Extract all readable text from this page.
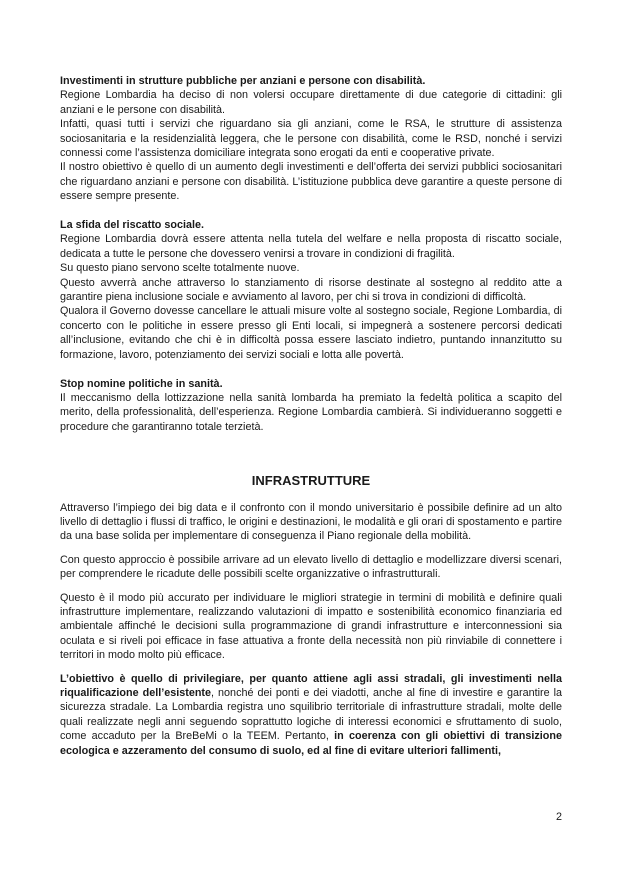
Investimenti in strutture pubbliche per anziani e persone con disabilità.

Regione Lombardia ha deciso di non volersi occupare direttamente di due categorie di cittadini: gli anziani e le persone con disabilità.

Infatti, quasi tutti i servizi che riguardano sia gli anziani, come le RSA, le strutture di assistenza sociosanitaria e la residenzialità leggera, che le persone con disabilità, come le RSD, nonché i servizi connessi come l’assistenza domiciliare integrata sono erogati da enti e cooperative private.

Il nostro obiettivo è quello di un aumento degli investimenti e dell’offerta dei servizi pubblici sociosanitari che riguardano anziani e persone con disabilità. L’istituzione pubblica deve garantire a queste persone di essere sempre presente.

La sfida del riscatto sociale.

Regione Lombardia dovrà essere attenta nella tutela del welfare e nella proposta di riscatto sociale, dedicata a tutte le persone che dovessero venirsi a trovare in condizioni di fragilità.

Su questo piano servono scelte totalmente nuove.

Questo avverrà anche attraverso lo stanziamento di risorse destinate al sostegno al reddito atte a garantire piena inclusione sociale e avviamento al lavoro, per chi si trova in condizioni di difficoltà.

Qualora il Governo dovesse cancellare le attuali misure volte al sostegno sociale, Regione Lombardia, di concerto con le politiche in essere presso gli Enti locali, si impegnerà a sostenere percorsi dedicati all’inclusione, evitando che chi è in difficoltà possa essere lasciato indietro, puntando innanzitutto su formazione, lavoro, potenziamento dei servizi sociali e lotta alle povertà.

Stop nomine politiche in sanità.

Il meccanismo della lottizzazione nella sanità lombarda ha premiato la fedeltà politica a scapito del merito, della professionalità, dell’esperienza. Regione Lombardia cambierà. Si individueranno soggetti e procedure che garantiranno totale terzietà.

INFRASTRUTTURE

Attraverso l’impiego dei big data e il confronto con il mondo universitario è possibile definire ad un alto livello di dettaglio i flussi di traffico, le origini e destinazioni, le modalità e gli orari di spostamento e partire da una base solida per implementare di conseguenza il Piano regionale della mobilità.

Con questo approccio è possibile arrivare ad un elevato livello di dettaglio e modellizzare diversi scenari, per comprendere le ricadute delle possibili scelte organizzative o infrastrutturali.

Questo è il modo più accurato per individuare le migliori strategie in termini di mobilità e definire quali infrastrutture implementare, realizzando valutazioni di impatto e sostenibilità economico finanziaria ed ambientale affinché le decisioni sulla programmazione di grandi infrastrutture e interconnessioni sia oculata e si riveli poi efficace in fase attuativa a fronte della necessità non più rinviabile di connettere i territori in modo molto più efficace.

L’obiettivo è quello di privilegiare, per quanto attiene agli assi stradali, gli investimenti nella riqualificazione dell’esistente, nonché dei ponti e dei viadotti, anche al fine di investire e garantire la sicurezza stradale. La Lombardia registra uno squilibrio territoriale di infrastrutture stradali, molte delle quali realizzate negli anni seguendo soprattutto logiche di interessi economici e sfruttamento di suolo, come accaduto per la BreBeMi o la TEEM. Pertanto, in coerenza con gli obiettivi di transizione ecologica e azzeramento del consumo di suolo, ed al fine di evitare ulteriori fallimenti,

2
